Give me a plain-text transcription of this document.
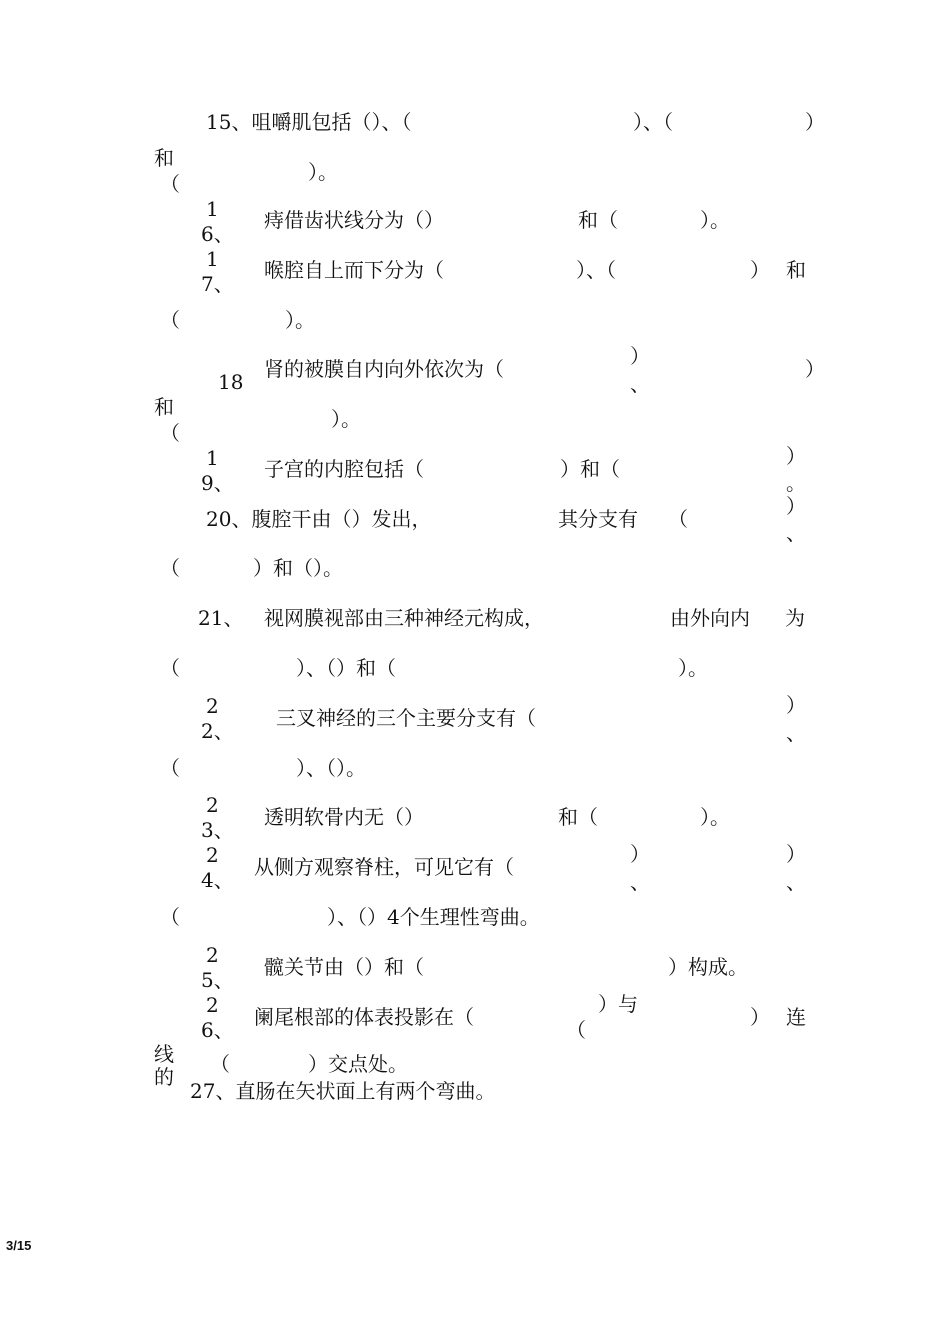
15、咀嚼肌包括（）、（	）、（	）
和
（	）。
1
6、
痔借齿状线分为（）	和（	）。
1
7、
喉腔自上而下分为（	）、（	） 和
（	）。
18
肾的被膜自内向外依次为（
）
、
）
和
（
）。
1
9、
子宫的内腔包括（	）和（
）
。
20、腹腔干由（）发出，	其分支有 （
）
、
（	）和（）。
21、 视网膜视部由三种神经元构成，	由外向内 为
（	）、（）和（	）。
2
2、
三叉神经的三个主要分支有（
）
、
（	）、（）。
2
3、
透明软骨内无（）	和（	）。
2
4、
从侧方观察脊柱，可见它有（
）
、
）
、
（	）、（）4个生理性弯曲。
2
5、
髋关节由（）和（	）构成。
2
6、
阑尾根部的体表投影在（
）与
（
） 连
线
的
（	）交点处。
27、直肠在矢状面上有两个弯曲。
3/15
